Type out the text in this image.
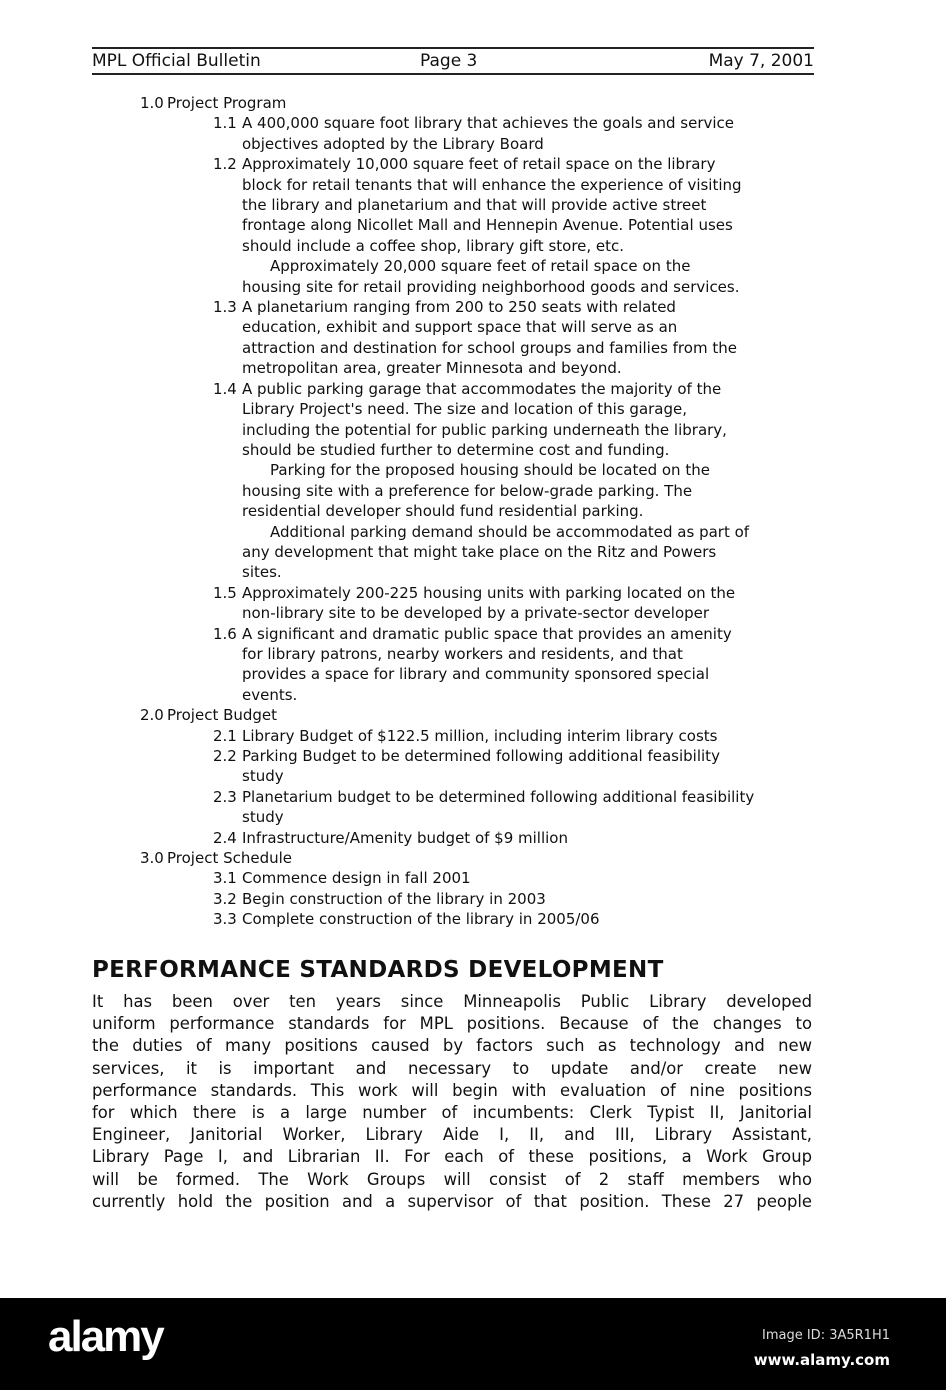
MPL Official Bulletin	Page 3	May 7, 2001
1.0 Project Program
1.1 A 400,000 square foot library that achieves the goals and service
objectives adopted by the Library Board
1.2 Approximately 10,000 square feet of retail space on the library
block for retail tenants that will enhance the experience of visiting
the library and planetarium and that will provide active street
frontage along Nicollet Mall and Hennepin Avenue. Potential uses
should include a coffee shop, library gift store, etc.
Approximately 20,000 square feet of retail space on the
housing site for retail providing neighborhood goods and services.
1.3 A planetarium ranging from 200 to 250 seats with related
education, exhibit and support space that will serve as an
attraction and destination for school groups and families from the
metropolitan area, greater Minnesota and beyond.
1.4 A public parking garage that accommodates the majority of the
Library Project's need. The size and location of this garage,
including the potential for public parking underneath the library,
should be studied further to determine cost and funding.
Parking for the proposed housing should be located on the
housing site with a preference for below-grade parking. The
residential developer should fund residential parking.
Additional parking demand should be accommodated as part of
any development that might take place on the Ritz and Powers
sites.
1.5 Approximately 200-225 housing units with parking located on the
non-library site to be developed by a private-sector developer
1.6 A significant and dramatic public space that provides an amenity
for library patrons, nearby workers and residents, and that
provides a space for library and community sponsored special
events.
2.0 Project Budget
2.1 Library Budget of $122.5 million, including interim library costs
2.2 Parking Budget to be determined following additional feasibility
study
2.3 Planetarium budget to be determined following additional feasibility
study
2.4 Infrastructure/Amenity budget of $9 million
3.0 Project Schedule
3.1 Commence design in fall 2001
3.2 Begin construction of the library in 2003
3.3 Complete construction of the library in 2005/06
PERFORMANCE STANDARDS DEVELOPMENT
It has been over ten years since Minneapolis Public Library developed
uniform performance standards for MPL positions. Because of the changes to
the duties of many positions caused by factors such as technology and new
services, it is important and necessary to update and/or create new
performance standards. This work will begin with evaluation of nine positions
for which there is a large number of incumbents: Clerk Typist II, Janitorial
Engineer, Janitorial Worker, Library Aide I, II, and III, Library Assistant,
Library Page I, and Librarian II. For each of these positions, a Work Group
will be formed. The Work Groups will consist of 2 staff members who
currently hold the position and a supervisor of that position. These 27 people
alamy	Image ID: 3A5R1H1
www.alamy.com
